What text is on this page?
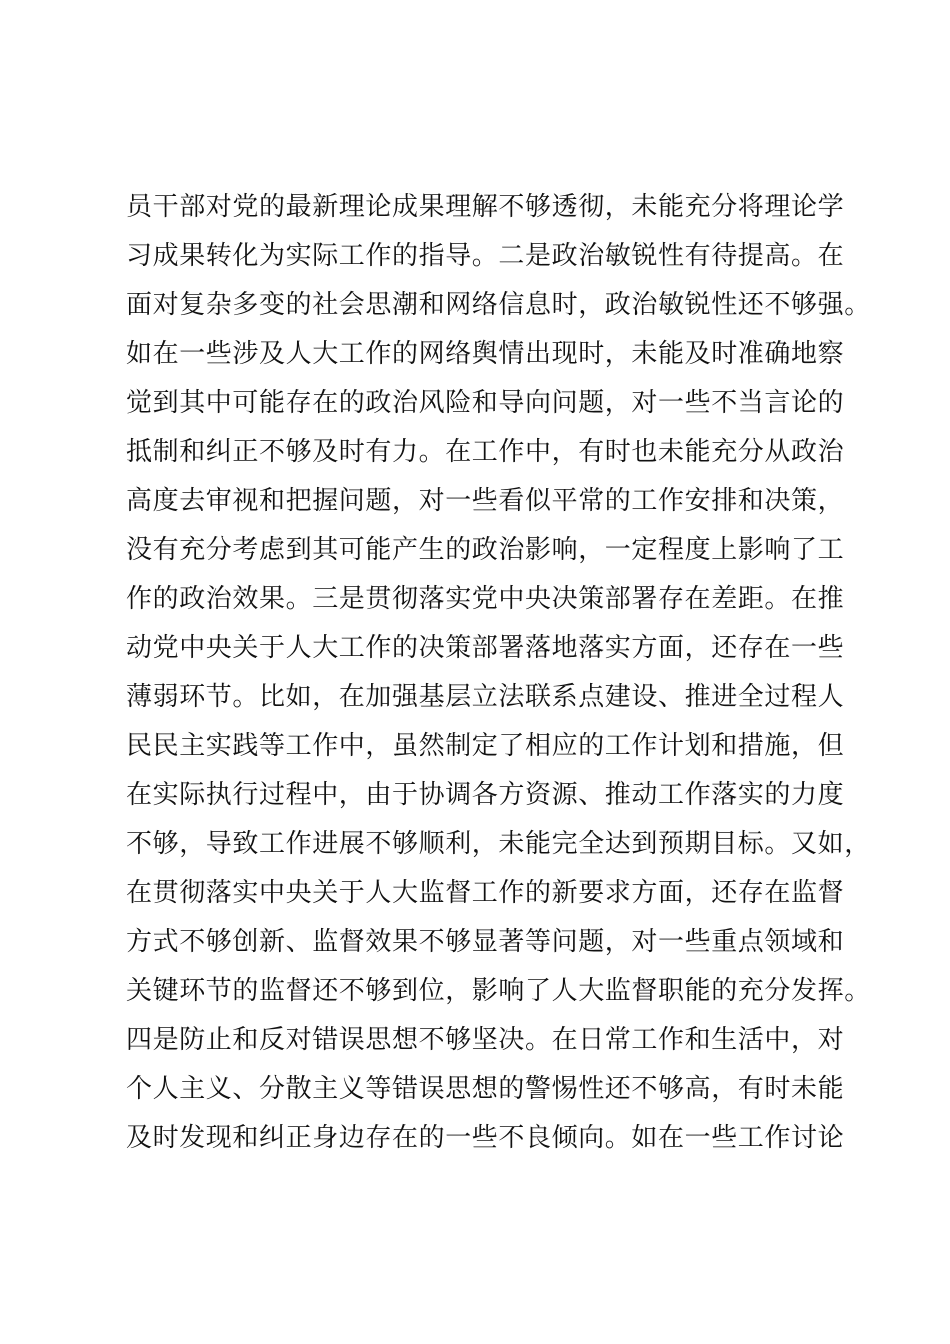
员干部对党的最新理论成果理解不够透彻，未能充分将理论学
习成果转化为实际工作的指导。二是政治敏锐性有待提高。在
面对复杂多变的社会思潮和网络信息时，政治敏锐性还不够强。
如在一些涉及人大工作的网络舆情出现时，未能及时准确地察
觉到其中可能存在的政治风险和导向问题，对一些不当言论的
抵制和纠正不够及时有力。在工作中，有时也未能充分从政治
高度去审视和把握问题，对一些看似平常的工作安排和决策，
没有充分考虑到其可能产生的政治影响，一定程度上影响了工
作的政治效果。三是贯彻落实党中央决策部署存在差距。在推
动党中央关于人大工作的决策部署落地落实方面，还存在一些
薄弱环节。比如，在加强基层立法联系点建设、推进全过程人
民民主实践等工作中，虽然制定了相应的工作计划和措施，但
在实际执行过程中，由于协调各方资源、推动工作落实的力度
不够，导致工作进展不够顺利，未能完全达到预期目标。又如，
在贯彻落实中央关于人大监督工作的新要求方面，还存在监督
方式不够创新、监督效果不够显著等问题，对一些重点领域和
关键环节的监督还不够到位，影响了人大监督职能的充分发挥。
四是防止和反对错误思想不够坚决。在日常工作和生活中，对
个人主义、分散主义等错误思想的警惕性还不够高，有时未能
及时发现和纠正身边存在的一些不良倾向。如在一些工作讨论
